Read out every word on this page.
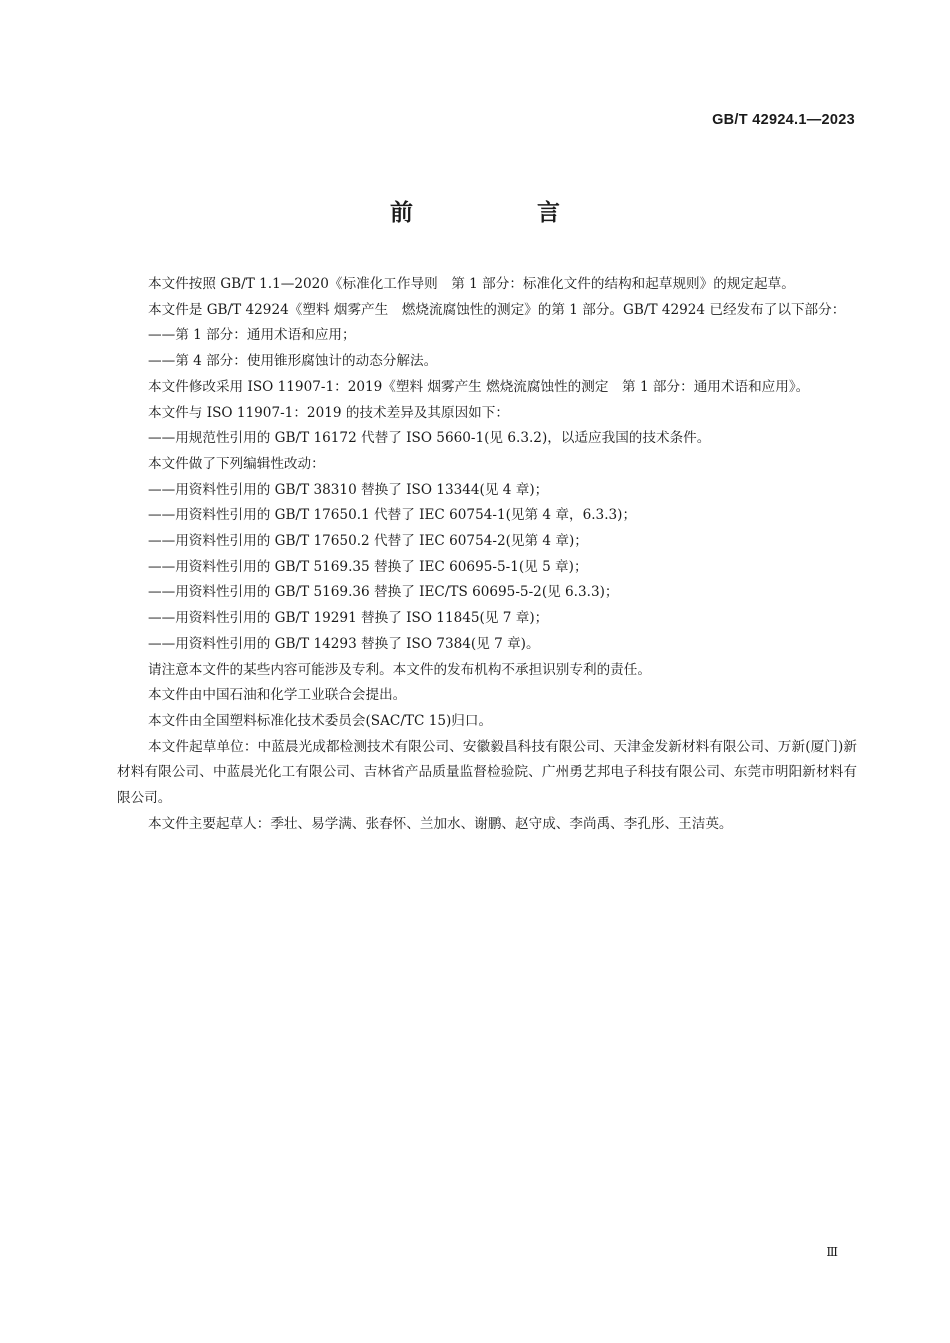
GB/T 42924.1—2023
前 言

本文件按照 GB/T 1.1—2020《标准化工作导则　第 1 部分：标准化文件的结构和起草规则》的规定起草。

本文件是 GB/T 42924《塑料 烟雾产生　燃烧流腐蚀性的测定》的第 1 部分。GB/T 42924 已经发布了以下部分：

——第 1 部分：通用术语和应用；

——第 4 部分：使用锥形腐蚀计的动态分解法。

本文件修改采用 ISO 11907-1：2019《塑料 烟雾产生 燃烧流腐蚀性的测定　第 1 部分：通用术语和应用》。

本文件与 ISO 11907-1：2019 的技术差异及其原因如下：

——用规范性引用的 GB/T 16172 代替了 ISO 5660-1(见 6.3.2)，以适应我国的技术条件。

本文件做了下列编辑性改动：

——用资料性引用的 GB/T 38310 替换了 ISO 13344(见 4 章)；

——用资料性引用的 GB/T 17650.1 代替了 IEC 60754-1(见第 4 章，6.3.3)；

——用资料性引用的 GB/T 17650.2 代替了 IEC 60754-2(见第 4 章)；

——用资料性引用的 GB/T 5169.35 替换了 IEC 60695-5-1(见 5 章)；

——用资料性引用的 GB/T 5169.36 替换了 IEC/TS 60695-5-2(见 6.3.3)；

——用资料性引用的 GB/T 19291 替换了 ISO 11845(见 7 章)；

——用资料性引用的 GB/T 14293 替换了 ISO 7384(见 7 章)。

请注意本文件的某些内容可能涉及专利。本文件的发布机构不承担识别专利的责任。

本文件由中国石油和化学工业联合会提出。

本文件由全国塑料标准化技术委员会(SAC/TC 15)归口。

本文件起草单位：中蓝晨光成都检测技术有限公司、安徽毅昌科技有限公司、天津金发新材料有限公司、万新(厦门)新材料有限公司、中蓝晨光化工有限公司、吉林省产品质量监督检验院、广州勇艺邦电子科技有限公司、东莞市明阳新材料有限公司。

本文件主要起草人：季壮、易学满、张春怀、兰加水、谢鹏、赵守成、李尚禹、李孔彤、王洁英。

Ⅲ
